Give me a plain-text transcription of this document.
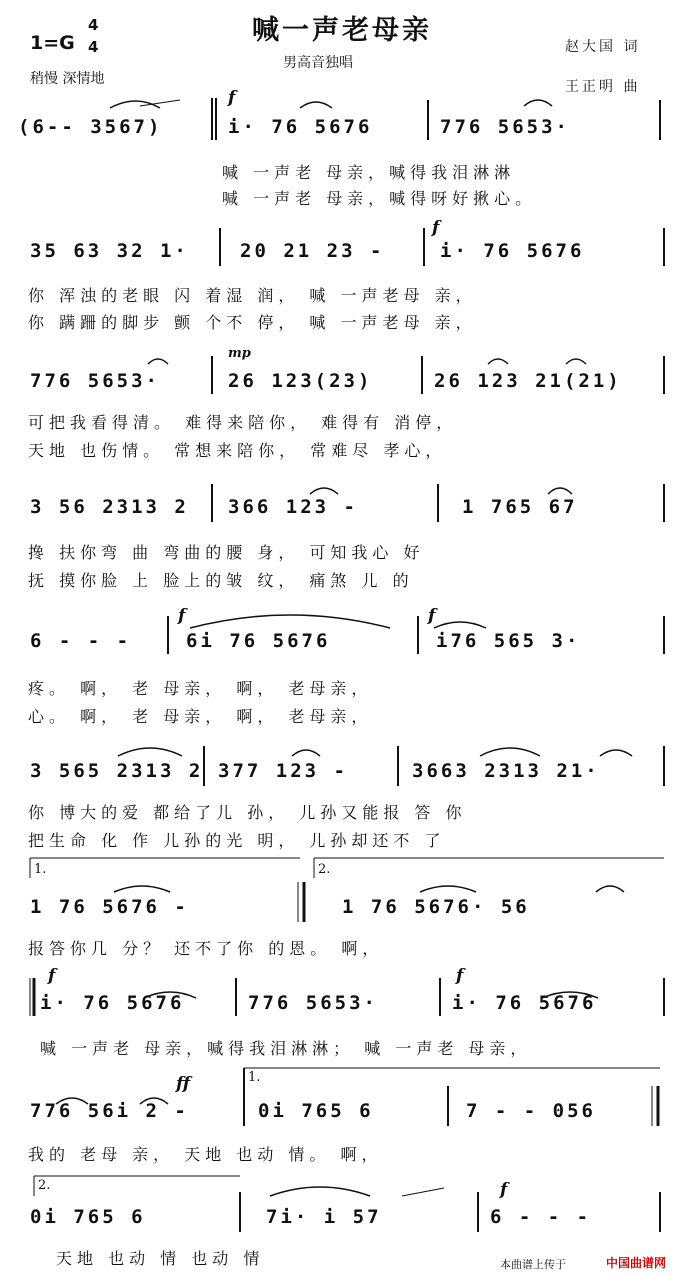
喊一声老母亲
1=G
4
4
男高音独唱
稍慢 深情地
赵大国 词
王正明 曲
f
(6-- 3567)	i· 76 5676	776 5653·
喊 一声老 母亲，喊得我泪淋淋
喊 一声老 母亲，喊得呀好揪心。
f
35 63 32 1·	20 21 23 -	i· 76 5676
你 浑浊的老眼 闪 着湿 润， 喊 一声老母 亲，
你 蹒跚的脚步 颤 个不 停， 喊 一声老母 亲，
mp
776 5653·	26 123(23)	26 123 21(21)
可把我看得清。 难得来陪你， 难得有 消停，
天地 也伤情。 常想来陪你， 常难尽 孝心，
3 56 2313 2 366 123 -	1 765 67
搀 扶你弯 曲 弯曲的腰 身， 可知我心 好
抚 摸你脸 上 脸上的皱 纹， 痛煞 儿 的
f	f
6 - - -	6i 76 5676	i76 565 3·
疼。 啊， 老 母亲， 啊， 老母亲，
心。 啊， 老 母亲， 啊， 老母亲，
3 565 2313 2 377 123 -	3663 2313 21·
你 博大的爱 都给了儿 孙， 儿孙又能报 答 你
把生命 化 作 儿孙的光 明， 儿孙却还不 了
1.	2.
1 76 5676 -	1 76 5676· 56
报答你几 分？ 还不了你 的恩。 啊，
f	f
i· 76 5676	776 5653·	i· 76 5676
喊 一声老 母亲，喊得我泪淋淋； 喊 一声老 母亲，
ff	1.
776 56i 2 -	0i 765 6	7 - - 056
我的 老母 亲， 天地 也动 情。 啊，
2.	f
0i 765 6	7i· i 57	6 - - -
天地 也动 情 也动 情	本曲谱上传于	中国曲谱网
